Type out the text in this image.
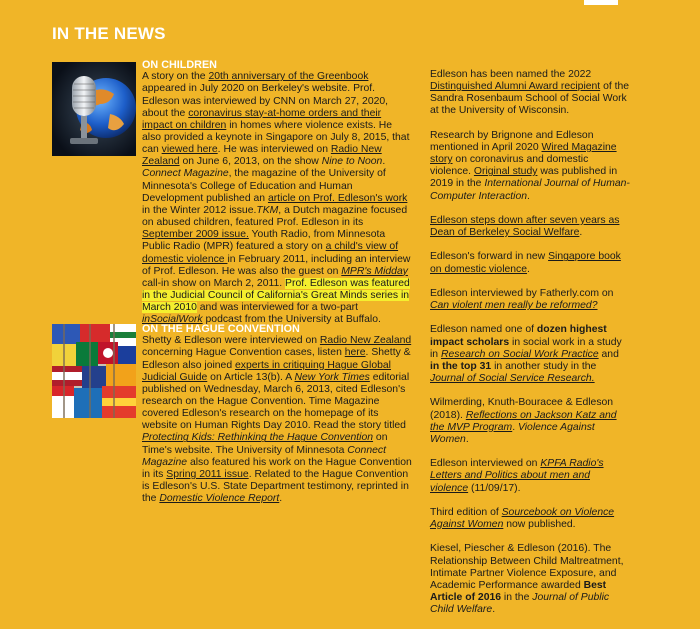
IN THE NEWS
ON CHILDREN
A story on the 20th anniversary of the Greenbook appeared in July 2020 on Berkeley's website. Prof. Edleson was interviewed by CNN on March 27, 2020, about the coronavirus stay-at-home orders and their impact on children in homes where violence exists. He also provided a keynote in Singapore on July 8, 2015, that can viewed here. He was interviewed on Radio New Zealand on June 6, 2013, on the show Nine to Noon. Connect Magazine, the magazine of the University of Minnesota's College of Education and Human Development published an article on Prof. Edleson's work in the Winter 2012 issue.TKM, a Dutch magazine focused on abused children, featured Prof. Edleson in its September 2009 issue. Youth Radio, from Minnesota Public Radio (MPR) featured a story on a child's view of domestic violence in February 2011, including an interview of Prof. Edleson. He was also the guest on MPR's Midday call-in show on March 2, 2011. Prof. Edleson was featured in the Judicial Council of California's Great Minds series in March 2010 and was interviewed for a two-part inSocialWork podcast from the University at Buffalo.
ON THE HAGUE CONVENTION
Shetty & Edleson were interviewed on Radio New Zealand concerning Hague Convention cases, listen here. Shetty & Edleson also joined experts in critiquing Hague Global Judicial Guide on Article 13(b). A New York Times editorial published on Wednesday, March 6, 2013, cited Edleson's research on the Hague Convention. Time Magazine covered Edleson's research on the homepage of its website on Human Rights Day 2010. Read the story titled Protecting Kids: Rethinking the Hague Convention on Time's website. The University of Minnesota Connect Magazine also featured his work on the Hague Convention in its Spring 2011 issue. Related to the Hague Convention is Edleson's U.S. State Department testimony, reprinted in the Domestic Violence Report.

Edleson has been named the 2022 Distinguished Alumni Award recipient of the Sandra Rosenbaum School of Social Work at the University of Wisconsin.

Research by Brignone and Edleson mentioned in April 2020 Wired Magazine story on coronavirus and domestic violence. Original study was published in 2019 in the International Journal of Human-Computer Interaction.

Edleson steps down after seven years as Dean of Berkeley Social Welfare.

Edleson's forward in new Singapore book on domestic violence.

Edleson interviewed by Fatherly.com on Can violent men really be reformed?

Edleson named one of dozen highest impact scholars in social work in a study in Research on Social Work Practice and in the top 31 in another study in the Journal of Social Service Research.

Wilmerding, Knuth-Bouracee & Edleson (2018). Reflections on Jackson Katz and the MVP Program. Violence Against Women.

Edleson interviewed on KPFA Radio's Letters and Politics about men and violence (11/09/17).

Third edition of Sourcebook on Violence Against Women now published.

Kiesel, Piescher & Edleson (2016). The Relationship Between Child Maltreatment, Intimate Partner Violence Exposure, and Academic Performance awarded Best Article of 2016 in the Journal of Public Child Welfare.
